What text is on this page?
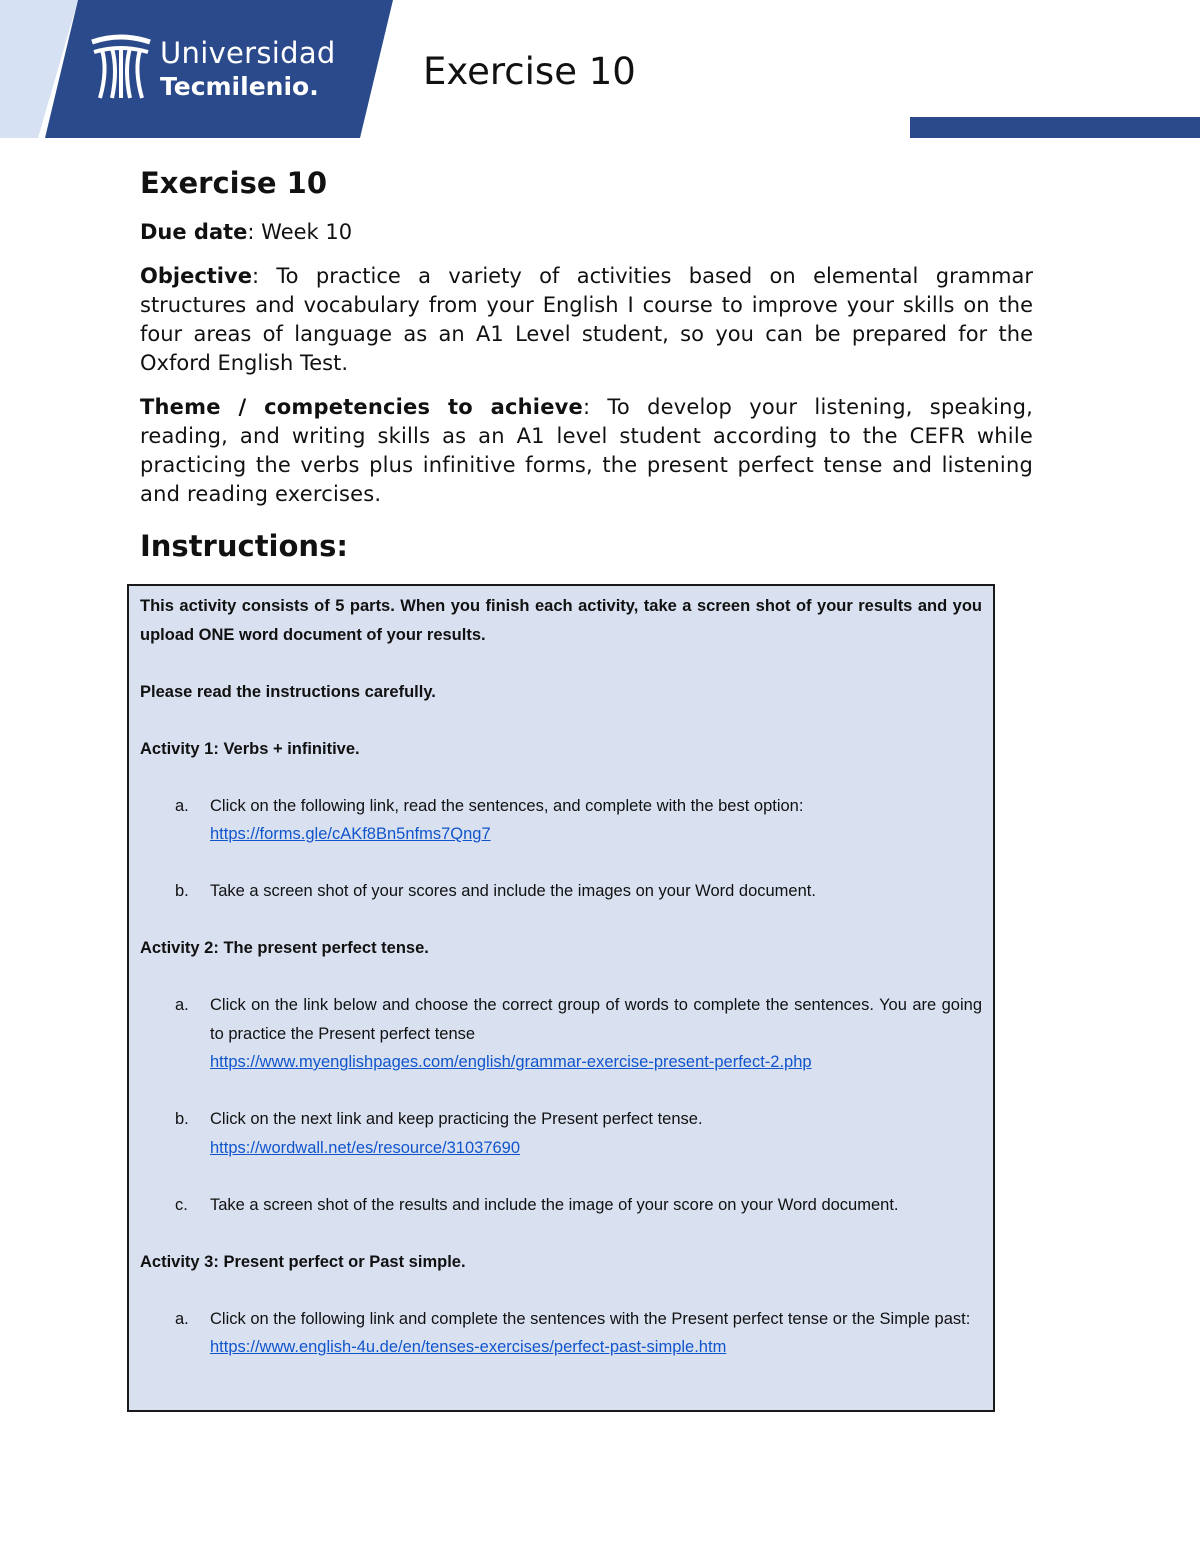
Universidad
Tecmilenio.	Exercise 10
Exercise 10

Due date: Week 10

Objective: To practice a variety of activities based on elemental grammar structures and vocabulary from your English I course to improve your skills on the four areas of language as an A1 Level student, so you can be prepared for the Oxford English Test.

Theme / competencies to achieve: To develop your listening, speaking, reading, and writing skills as an A1 level student according to the CEFR while practicing the verbs plus infinitive forms, the present perfect tense and listening and reading exercises.

Instructions:

This activity consists of 5 parts. When you finish each activity, take a screen shot of your results and you upload ONE word document of your results.

Please read the instructions carefully.

Activity 1: Verbs + infinitive.

a.	Click on the following link, read the sentences, and complete with the best option:

https://forms.gle/cAKf8Bn5nfms7Qng7

b.	Take a screen shot of your scores and include the images on your Word document.

Activity 2: The present perfect tense.

a.	Click on the link below and choose the correct group of words to complete the sentences. You are going to practice the Present perfect tense

https://www.myenglishpages.com/english/grammar-exercise-present-perfect-2.php

b.	Click on the next link and keep practicing the Present perfect tense.

https://wordwall.net/es/resource/31037690

c.	Take a screen shot of the results and include the image of your score on your Word document.

Activity 3: Present perfect or Past simple.

a.	Click on the following link and complete the sentences with the Present perfect tense or the Simple past:

https://www.english-4u.de/en/tenses-exercises/perfect-past-simple.htm
